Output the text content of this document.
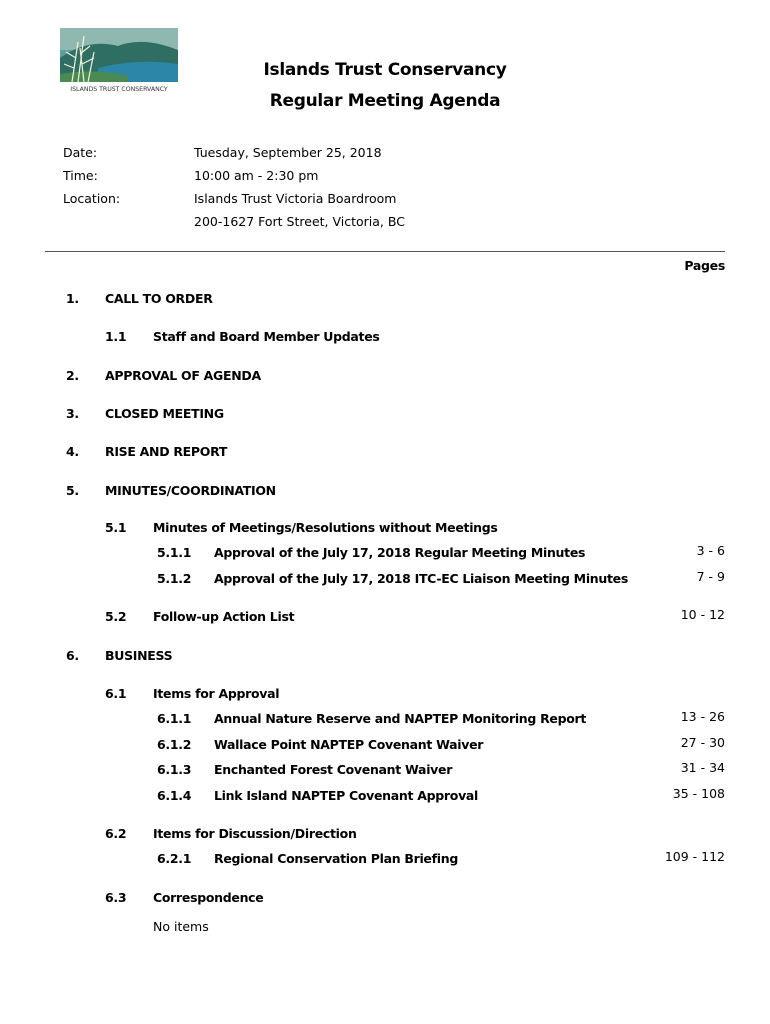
ISLANDS TRUST CONSERVANCY
Islands Trust Conservancy
Regular Meeting Agenda
Date:	Tuesday, September 25, 2018
Time:	10:00 am - 2:30 pm
Location:	Islands Trust Victoria Boardroom
200-1627 Fort Street, Victoria, BC
Pages
1. CALL TO ORDER
1.1 Staff and Board Member Updates
2. APPROVAL OF AGENDA
3. CLOSED MEETING
4. RISE AND REPORT
5. MINUTES/COORDINATION
5.1 Minutes of Meetings/Resolutions without Meetings
5.1.1 Approval of the July 17, 2018 Regular Meeting Minutes	3 - 6
5.1.2 Approval of the July 17, 2018 ITC-EC Liaison Meeting Minutes	7 - 9
5.2 Follow-up Action List	10 - 12
6. BUSINESS
6.1 Items for Approval
6.1.1 Annual Nature Reserve and NAPTEP Monitoring Report	13 - 26
6.1.2 Wallace Point NAPTEP Covenant Waiver	27 - 30
6.1.3 Enchanted Forest Covenant Waiver	31 - 34
6.1.4 Link Island NAPTEP Covenant Approval	35 - 108
6.2 Items for Discussion/Direction
6.2.1 Regional Conservation Plan Briefing	109 - 112
6.3 Correspondence
No items
